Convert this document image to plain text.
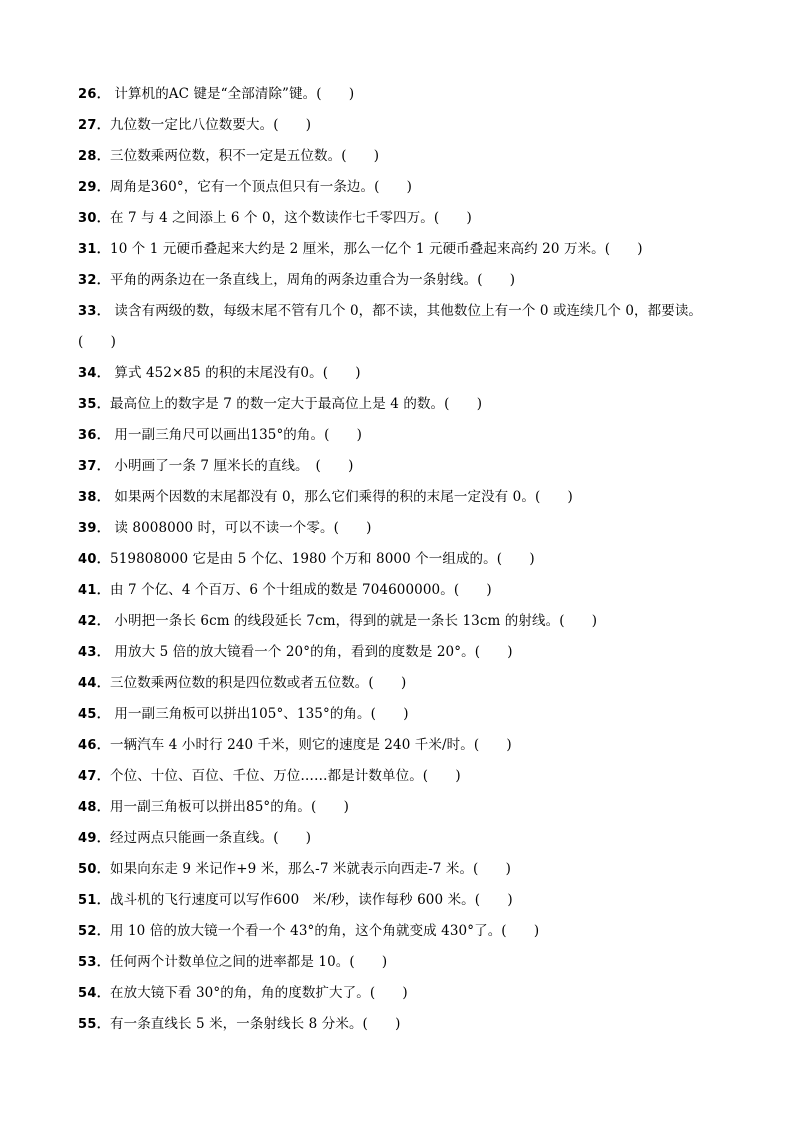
26． 计算机的AC 键是“全部清除”键。(　　)
27．九位数一定比八位数要大。(　　)
28．三位数乘两位数，积不一定是五位数。(　　)
29．周角是360°，它有一个顶点但只有一条边。(　　)
30．在 7 与 4 之间添上 6 个 0，这个数读作七千零四万。(　　)
31．10 个 1 元硬币叠起来大约是 2 厘米，那么一亿个 1 元硬币叠起来高约 20 万米。(　　)
32．平角的两条边在一条直线上，周角的两条边重合为一条射线。(　　)
33． 读含有两级的数，每级末尾不管有几个 0，都不读，其他数位上有一个 0 或连续几个 0，都要读。(　　)
34． 算式 452×85 的积的末尾没有0。(　　)
35．最高位上的数字是 7 的数一定大于最高位上是 4 的数。(　　)
36． 用一副三角尺可以画出135°的角。(　　)
37． 小明画了一条 7 厘米长的直线。　(　　)
38． 如果两个因数的末尾都没有 0，那么它们乘得的积的末尾一定没有 0。(　　)
39． 读 8008000 时，可以不读一个零。(　　)
40．519808000 它是由 5 个亿、1980 个万和 8000 个一组成的。(　　)
41．由 7 个亿、4 个百万、6 个十组成的数是 704600000。(　　)
42． 小明把一条长 6cm 的线段延长 7cm，得到的就是一条长 13cm 的射线。(　　)
43． 用放大 5 倍的放大镜看一个 20°的角，看到的度数是 20°。(　　)
44．三位数乘两位数的积是四位数或者五位数。(　　)
45． 用一副三角板可以拼出105°、135°的角。(　　)
46．一辆汽车 4 小时行 240 千米，则它的速度是 240 千米/时。(　　)
47．个位、十位、百位、千位、万位……都是计数单位。(　　)
48．用一副三角板可以拼出85°的角。(　　)
49．经过两点只能画一条直线。(　　)
50．如果向东走 9 米记作+9 米，那么-7 米就表示向西走-7 米。(　　)
51．战斗机的飞行速度可以写作600　米/秒，读作每秒 600 米。(　　)
52．用 10 倍的放大镜一个看一个 43°的角，这个角就变成 430°了。(　　)
53．任何两个计数单位之间的进率都是 10。(　　)
54．在放大镜下看 30°的角，角的度数扩大了。(　　)
55．有一条直线长 5 米，一条射线长 8 分米。(　　)
